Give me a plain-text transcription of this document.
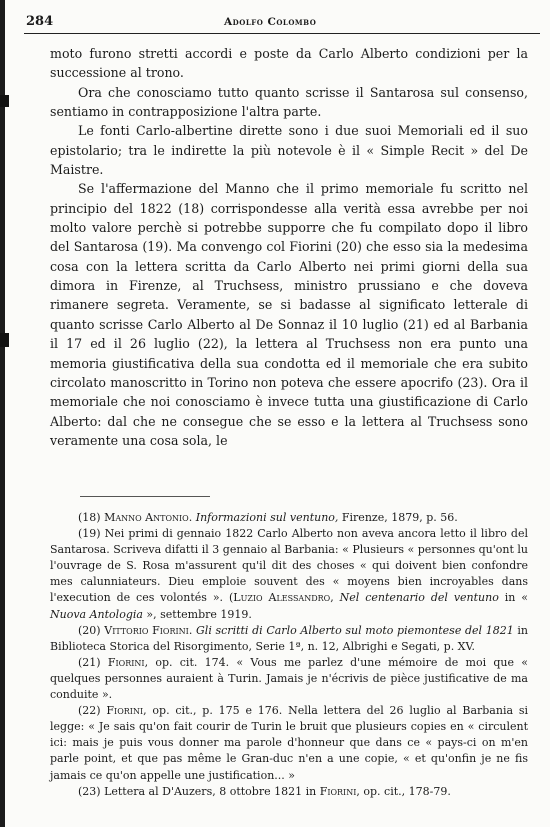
284	Adolfo Colombo

moto furono stretti accordi e poste da Carlo Alberto condizioni per la successione al trono.

Ora che conosciamo tutto quanto scrisse il Santarosa sul consenso, sentiamo in contrapposizione l'altra parte.

Le fonti Carlo-albertine dirette sono i due suoi Memoriali ed il suo epistolario; tra le indirette la più notevole è il « Simple Recit » del De Maistre.

Se l'affermazione del Manno che il primo memoriale fu scritto nel principio del 1822 (18) corrispondesse alla verità essa avrebbe per noi molto valore perchè si potrebbe supporre che fu compilato dopo il libro del Santarosa (19). Ma convengo col Fiorini (20) che esso sia la medesima cosa con la lettera scritta da Carlo Alberto nei primi giorni della sua dimora in Firenze, al Truchsess, ministro prussiano e che doveva rimanere segreta. Veramente, se si badasse al significato letterale di quanto scrisse Carlo Alberto al De Sonnaz il 10 luglio (21) ed al Barbania il 17 ed il 26 luglio (22), la lettera al Truchsess non era punto una memoria giustificativa della sua condotta ed il memoriale che era subito circolato manoscritto in Torino non poteva che essere apocrifo (23). Ora il memoriale che noi conosciamo è invece tutta una giustificazione di Carlo Alberto: dal che ne consegue che se esso e la lettera al Truchsess sono veramente una cosa sola, le

(18) Manno Antonio. Informazioni sul ventuno, Firenze, 1879, p. 56.

(19) Nei primi di gennaio 1822 Carlo Alberto non aveva ancora letto il libro del Santarosa. Scriveva difatti il 3 gennaio al Barbania: « Plusieurs « personnes qu'ont lu l'ouvrage de S. Rosa m'assurent qu'il dit des choses « qui doivent bien confondre mes calunniateurs. Dieu emploie souvent des « moyens bien incroyables dans l'execution de ces volontés ». (Luzio Alessandro, Nel centenario del ventuno in « Nuova Antologia », settembre 1919.

(20) Vittorio Fiorini. Gli scritti di Carlo Alberto sul moto piemontese del 1821 in Biblioteca Storica del Risorgimento, Serie 1ª, n. 12, Albrighi e Segati, p. XV.

(21) Fiorini, op. cit. 174. « Vous me parlez d'une mémoire de moi que « quelques personnes auraient à Turin. Jamais je n'écrivis de pièce justificative de ma conduite ».

(22) Fiorini, op. cit., p. 175 e 176. Nella lettera del 26 luglio al Barbania si legge: « Je sais qu'on fait courir de Turin le bruit que plusieurs copies en « circulent ici: mais je puis vous donner ma parole d'honneur que dans ce « pays-ci on m'en parle point, et que pas même le Gran-duc n'en a une copie, « et qu'onfin je ne fis jamais ce qu'on appelle une justification... »

(23) Lettera al D'Auzers, 8 ottobre 1821 in Fiorini, op. cit., 178-79.
